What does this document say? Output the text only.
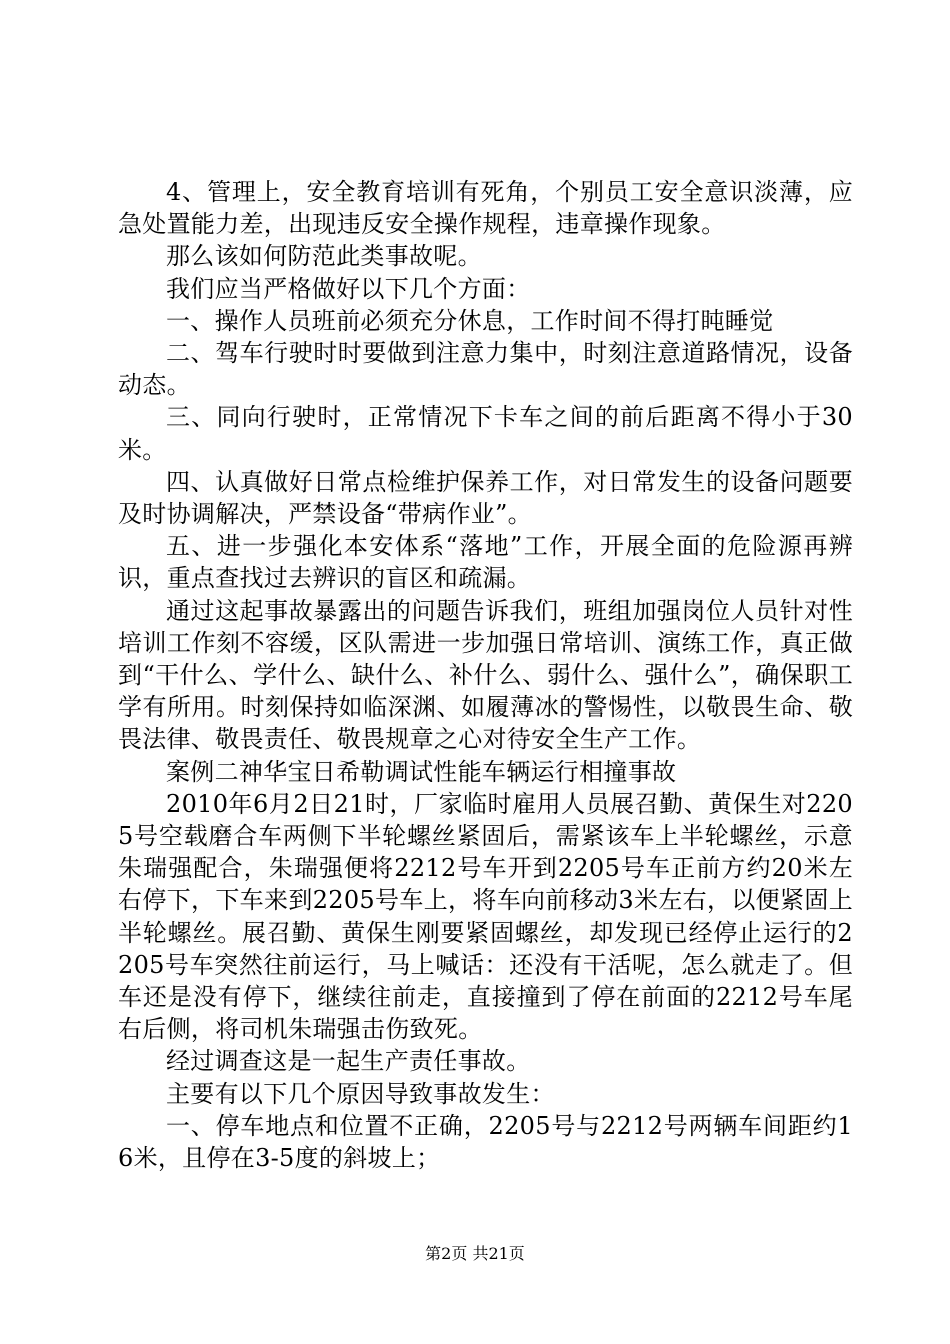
4、管理上，安全教育培训有死角，个别员工安全意识淡薄，应急处置能力差，出现违反安全操作规程，违章操作现象。

那么该如何防范此类事故呢。

我们应当严格做好以下几个方面：

一、操作人员班前必须充分休息，工作时间不得打盹睡觉

二、驾车行驶时时要做到注意力集中，时刻注意道路情况，设备动态。

三、同向行驶时，正常情况下卡车之间的前后距离不得小于30米。

四、认真做好日常点检维护保养工作，对日常发生的设备问题要及时协调解决，严禁设备“带病作业”。

五、进一步强化本安体系“落地”工作，开展全面的危险源再辨识，重点查找过去辨识的盲区和疏漏。

通过这起事故暴露出的问题告诉我们，班组加强岗位人员针对性培训工作刻不容缓，区队需进一步加强日常培训、演练工作，真正做到“干什么、学什么、缺什么、补什么、弱什么、强什么”，确保职工学有所用。时刻保持如临深渊、如履薄冰的警惕性，以敬畏生命、敬畏法律、敬畏责任、敬畏规章之心对待安全生产工作。

案例二神华宝日希勒调试性能车辆运行相撞事故

2010年6月2日21时，厂家临时雇用人员展召勤、黄保生对2205号空载磨合车两侧下半轮螺丝紧固后，需紧该车上半轮螺丝，示意朱瑞强配合，朱瑞强便将2212号车开到2205号车正前方约20米左右停下，下车来到2205号车上，将车向前移动3米左右，以便紧固上半轮螺丝。展召勤、黄保生刚要紧固螺丝，却发现已经停止运行的2205号车突然往前运行，马上喊话：还没有干活呢，怎么就走了。但车还是没有停下，继续往前走，直接撞到了停在前面的2212号车尾右后侧，将司机朱瑞强击伤致死。

经过调查这是一起生产责任事故。

主要有以下几个原因导致事故发生：

一、停车地点和位置不正确，2205号与2212号两辆车间距约16米，且停在3-5度的斜坡上；

第2页 共21页
